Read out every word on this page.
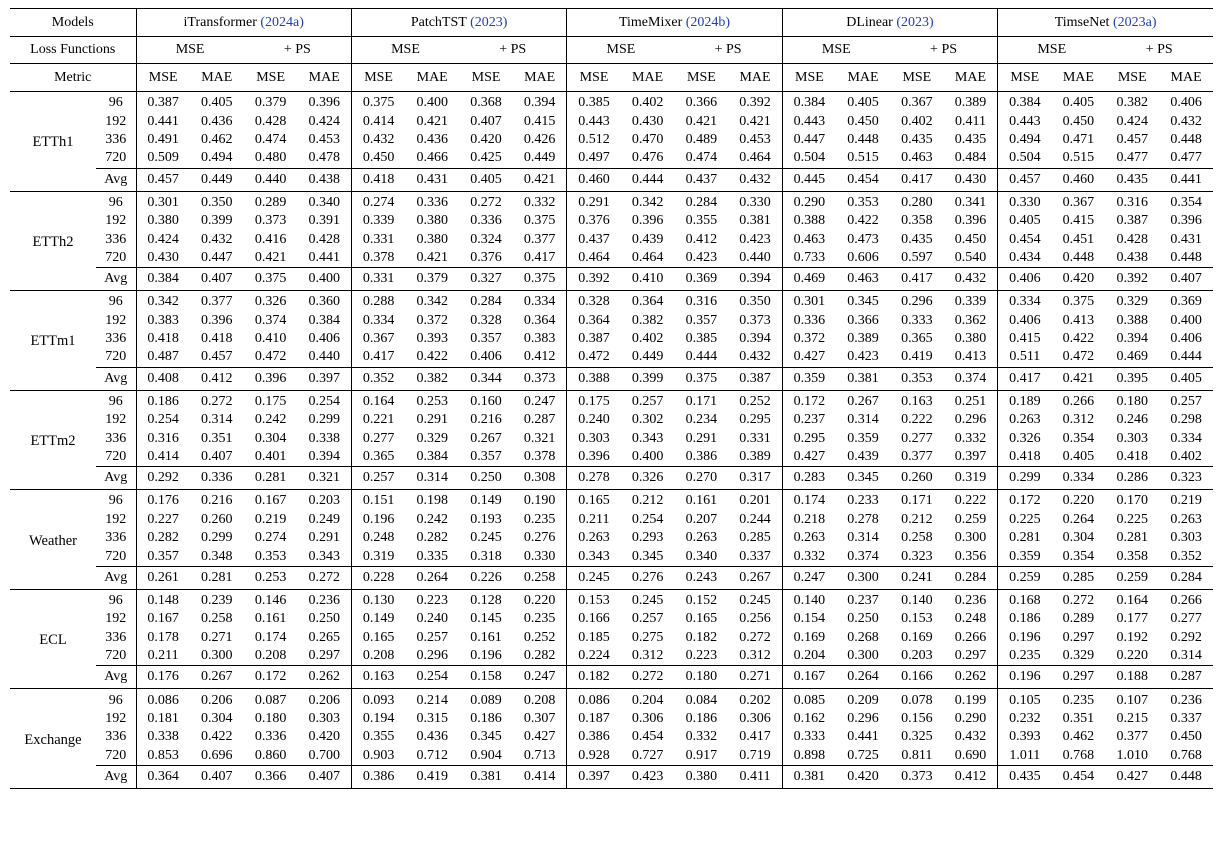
Models		iTransformer (2024a)				PatchTST (2023)				TimeMixer (2024b)				DLinear (2023)				TimseNet (2023a)			
Loss Functions		MSE		+ PS		MSE		+ PS		MSE		+ PS		MSE		+ PS		MSE		+ PS	
Metric		MSE	MAE	MSE	MAE	MSE	MAE	MSE	MAE	MSE	MAE	MSE	MAE	MSE	MAE	MSE	MAE	MSE	MAE	MSE	MAE
ETTh1	96	0.387	0.405	0.379	0.396	0.375	0.400	0.368	0.394	0.385	0.402	0.366	0.392	0.384	0.405	0.367	0.389	0.384	0.405	0.382	0.406
	192	0.441	0.436	0.428	0.424	0.414	0.421	0.407	0.415	0.443	0.430	0.421	0.421	0.443	0.450	0.402	0.411	0.443	0.450	0.424	0.432
	336	0.491	0.462	0.474	0.453	0.432	0.436	0.420	0.426	0.512	0.470	0.489	0.453	0.447	0.448	0.435	0.435	0.494	0.471	0.457	0.448
	720	0.509	0.494	0.480	0.478	0.450	0.466	0.425	0.449	0.497	0.476	0.474	0.464	0.504	0.515	0.463	0.484	0.504	0.515	0.477	0.477
	Avg	0.457	0.449	0.440	0.438	0.418	0.431	0.405	0.421	0.460	0.444	0.437	0.432	0.445	0.454	0.417	0.430	0.457	0.460	0.435	0.441
ETTh2	96	0.301	0.350	0.289	0.340	0.274	0.336	0.272	0.332	0.291	0.342	0.284	0.330	0.290	0.353	0.280	0.341	0.330	0.367	0.316	0.354
	192	0.380	0.399	0.373	0.391	0.339	0.380	0.336	0.375	0.376	0.396	0.355	0.381	0.388	0.422	0.358	0.396	0.405	0.415	0.387	0.396
	336	0.424	0.432	0.416	0.428	0.331	0.380	0.324	0.377	0.437	0.439	0.412	0.423	0.463	0.473	0.435	0.450	0.454	0.451	0.428	0.431
	720	0.430	0.447	0.421	0.441	0.378	0.421	0.376	0.417	0.464	0.464	0.423	0.440	0.733	0.606	0.597	0.540	0.434	0.448	0.438	0.448
	Avg	0.384	0.407	0.375	0.400	0.331	0.379	0.327	0.375	0.392	0.410	0.369	0.394	0.469	0.463	0.417	0.432	0.406	0.420	0.392	0.407
ETTm1	96	0.342	0.377	0.326	0.360	0.288	0.342	0.284	0.334	0.328	0.364	0.316	0.350	0.301	0.345	0.296	0.339	0.334	0.375	0.329	0.369
	192	0.383	0.396	0.374	0.384	0.334	0.372	0.328	0.364	0.364	0.382	0.357	0.373	0.336	0.366	0.333	0.362	0.406	0.413	0.388	0.400
	336	0.418	0.418	0.410	0.406	0.367	0.393	0.357	0.383	0.387	0.402	0.385	0.394	0.372	0.389	0.365	0.380	0.415	0.422	0.394	0.406
	720	0.487	0.457	0.472	0.440	0.417	0.422	0.406	0.412	0.472	0.449	0.444	0.432	0.427	0.423	0.419	0.413	0.511	0.472	0.469	0.444
	Avg	0.408	0.412	0.396	0.397	0.352	0.382	0.344	0.373	0.388	0.399	0.375	0.387	0.359	0.381	0.353	0.374	0.417	0.421	0.395	0.405
ETTm2	96	0.186	0.272	0.175	0.254	0.164	0.253	0.160	0.247	0.175	0.257	0.171	0.252	0.172	0.267	0.163	0.251	0.189	0.266	0.180	0.257
	192	0.254	0.314	0.242	0.299	0.221	0.291	0.216	0.287	0.240	0.302	0.234	0.295	0.237	0.314	0.222	0.296	0.263	0.312	0.246	0.298
	336	0.316	0.351	0.304	0.338	0.277	0.329	0.267	0.321	0.303	0.343	0.291	0.331	0.295	0.359	0.277	0.332	0.326	0.354	0.303	0.334
	720	0.414	0.407	0.401	0.394	0.365	0.384	0.357	0.378	0.396	0.400	0.386	0.389	0.427	0.439	0.377	0.397	0.418	0.405	0.418	0.402
	Avg	0.292	0.336	0.281	0.321	0.257	0.314	0.250	0.308	0.278	0.326	0.270	0.317	0.283	0.345	0.260	0.319	0.299	0.334	0.286	0.323
Weather	96	0.176	0.216	0.167	0.203	0.151	0.198	0.149	0.190	0.165	0.212	0.161	0.201	0.174	0.233	0.171	0.222	0.172	0.220	0.170	0.219
	192	0.227	0.260	0.219	0.249	0.196	0.242	0.193	0.235	0.211	0.254	0.207	0.244	0.218	0.278	0.212	0.259	0.225	0.264	0.225	0.263
	336	0.282	0.299	0.274	0.291	0.248	0.282	0.245	0.276	0.263	0.293	0.263	0.285	0.263	0.314	0.258	0.300	0.281	0.304	0.281	0.303
	720	0.357	0.348	0.353	0.343	0.319	0.335	0.318	0.330	0.343	0.345	0.340	0.337	0.332	0.374	0.323	0.356	0.359	0.354	0.358	0.352
	Avg	0.261	0.281	0.253	0.272	0.228	0.264	0.226	0.258	0.245	0.276	0.243	0.267	0.247	0.300	0.241	0.284	0.259	0.285	0.259	0.284
ECL	96	0.148	0.239	0.146	0.236	0.130	0.223	0.128	0.220	0.153	0.245	0.152	0.245	0.140	0.237	0.140	0.236	0.168	0.272	0.164	0.266
	192	0.167	0.258	0.161	0.250	0.149	0.240	0.145	0.235	0.166	0.257	0.165	0.256	0.154	0.250	0.153	0.248	0.186	0.289	0.177	0.277
	336	0.178	0.271	0.174	0.265	0.165	0.257	0.161	0.252	0.185	0.275	0.182	0.272	0.169	0.268	0.169	0.266	0.196	0.297	0.192	0.292
	720	0.211	0.300	0.208	0.297	0.208	0.296	0.196	0.282	0.224	0.312	0.223	0.312	0.204	0.300	0.203	0.297	0.235	0.329	0.220	0.314
	Avg	0.176	0.267	0.172	0.262	0.163	0.254	0.158	0.247	0.182	0.272	0.180	0.271	0.167	0.264	0.166	0.262	0.196	0.297	0.188	0.287
Exchange	96	0.086	0.206	0.087	0.206	0.093	0.214	0.089	0.208	0.086	0.204	0.084	0.202	0.085	0.209	0.078	0.199	0.105	0.235	0.107	0.236
	192	0.181	0.304	0.180	0.303	0.194	0.315	0.186	0.307	0.187	0.306	0.186	0.306	0.162	0.296	0.156	0.290	0.232	0.351	0.215	0.337
	336	0.338	0.422	0.336	0.420	0.355	0.436	0.345	0.427	0.386	0.454	0.332	0.417	0.333	0.441	0.325	0.432	0.393	0.462	0.377	0.450
	720	0.853	0.696	0.860	0.700	0.903	0.712	0.904	0.713	0.928	0.727	0.917	0.719	0.898	0.725	0.811	0.690	1.011	0.768	1.010	0.768
	Avg	0.364	0.407	0.366	0.407	0.386	0.419	0.381	0.414	0.397	0.423	0.380	0.411	0.381	0.420	0.373	0.412	0.435	0.454	0.427	0.448
